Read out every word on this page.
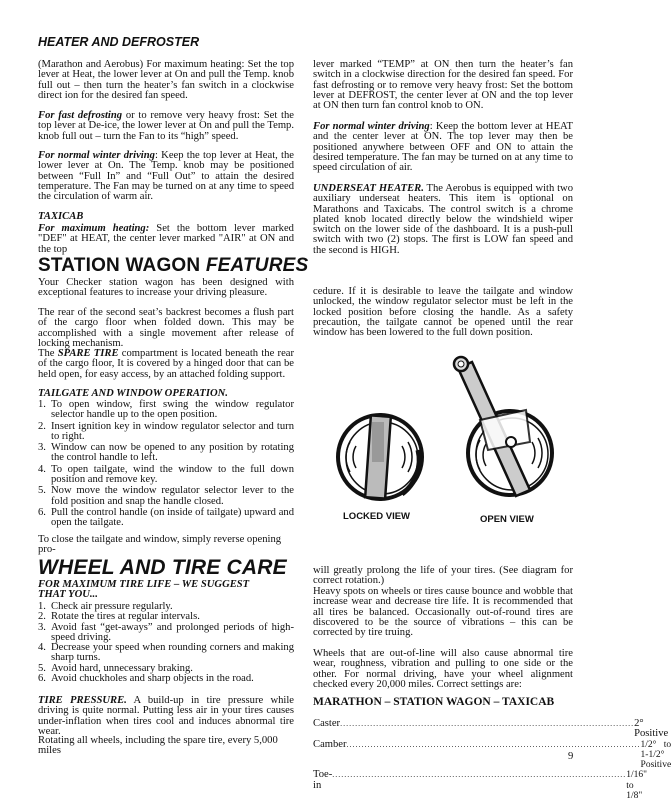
HEATER AND DEFROSTER
(Marathon and Aerobus) For maximum heating: Set the top lever at Heat, the lower lever at On and pull the Temp. knob full out – then turn the heater’s fan switch in a clockwise direct ion for the desired fan speed.
For fast defrosting or to remove very heavy frost: Set the top lever at De-ice, the lower lever at On and pull the Temp. knob full out – turn the Fan to its “high” speed.
For normal winter driving: Keep the top lever at Heat, the lower lever at On. The Temp. knob may be positioned between “Full In” and “Full Out” to attain the desired temperature. The Fan may be turned on at any time to speed the circulation of warm air.
TAXICAB
For maximum heating: Set the bottom lever marked "DEF" at HEAT, the center lever marked "AIR" at ON and the top
STATION WAGON FEATURES
Your Checker station wagon has been designed with exceptional features to increase your driving pleasure.
The rear of the second seat’s backrest becomes a flush part of the cargo floor when folded down. This may be accomplished with a single movement after release of locking mechanism.
The SPARE TIRE compartment is located beneath the rear of the cargo floor, It is covered by a hinged door that can be held open, for easy access, by an attached folding support.
TAILGATE AND WINDOW OPERATION.
1. To open window, first swing the window regulator selector handle up to the open position.
2. Insert ignition key in window regulator selector and turn to right.
3. Window can now be opened to any position by rotating the control handle to left.
4. To open tailgate, wind the window to the full down position and remove key.
5. Now move the window regulator selector lever to the fold position and snap the handle closed.
6. Pull the control handle (on inside of tailgate) upward and open the tailgate.
To close the tailgate and window, simply reverse opening pro-
WHEEL AND TIRE CARE
FOR MAXIMUM TIRE LIFE – WE SUGGEST THAT YOU...
1. Check air pressure regularly.
2. Rotate the tires at regular intervals.
3. Avoid fast “get-aways” and prolonged periods of high-speed driving.
4. Decrease your speed when rounding corners and making sharp turns.
5. Avoid hard, unnecessary braking.
6. Avoid chuckholes and sharp objects in the road.
TIRE PRESSURE. A build-up in tire pressure while driving is quite normal. Putting less air in your tires causes under-inflation when tires cool and induces abnormal tire wear.
Rotating all wheels, including the spare tire, every 5,000 miles
lever marked “TEMP” at ON then turn the heater’s fan switch in a clockwise direction for the desired fan speed. For fast defrosting or to remove very heavy frost: Set the bottom lever at DEFROST, the center lever at ON and the top lever at ON then turn fan control knob to ON.
For normal winter driving: Keep the bottom lever at HEAT and the center lever at ON. The top lever may then be positioned anywhere between OFF and ON to attain the desired temperature. The fan may be turned on at any time to speed circulation of air.
UNDERSEAT HEATER. The Aerobus is equipped with two auxiliary underseat heaters. This item is optional on Marathons and Taxicabs. The control switch is a chrome plated knob located directly below the windshield wiper switch on the lower side of the dashboard. It is a push-pull switch with two (2) stops. The first is LOW fan speed and the second is HIGH.
cedure. If it is desirable to leave the tailgate and window unlocked, the window regulator selector must be left in the locked position before closing the handle. As a safety precaution, the tailgate cannot be opened until the rear window has been lowered to the full down position.
LOCKED VIEW	OPEN VIEW
will greatly prolong the life of your tires. (See diagram for correct rotation.)
Heavy spots on wheels or tires cause bounce and wobble that increase wear and decrease tire life. It is recommended that all tires be balanced. Occasionally out-of-round tires are discovered to be the source of vibrations – this can be corrected by tire truing.
Wheels that are out-of-line will also cause abnormal tire wear, roughness, vibration and pulling to one side or the other. For normal driving, have your wheel alignment checked every 20,000 miles. Correct settings are:
MARATHON – STATION WAGON – TAXICAB
Caster .................................................................................................. 2° Positive
Camber .................................................................................................. 1/2° to 1-1/2° Positive
Toe-in
.................................................................................................. 1/16" to 1/8"
9
